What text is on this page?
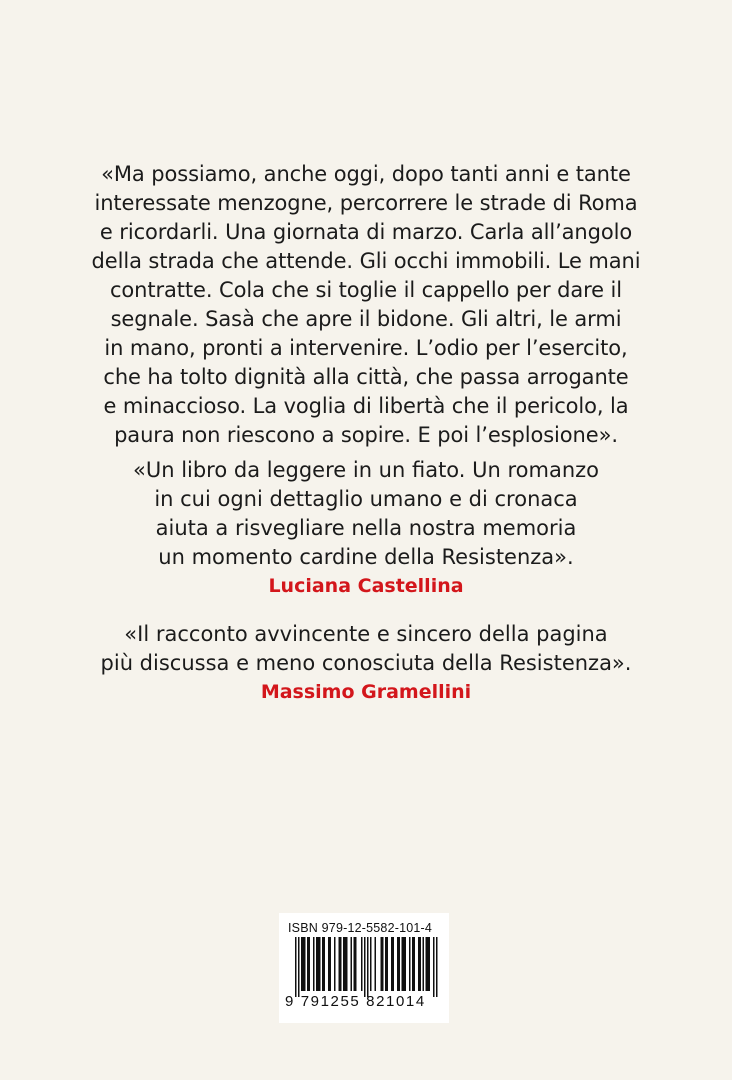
«Ma possiamo, anche oggi, dopo tanti anni e tante
interessate menzogne, percorrere le strade di Roma
e ricordarli. Una giornata di marzo. Carla all’angolo
della strada che attende. Gli occhi immobili. Le mani
contratte. Cola che si toglie il cappello per dare il
segnale. Sasà che apre il bidone. Gli altri, le armi
in mano, pronti a intervenire. L’odio per l’esercito,
che ha tolto dignità alla città, che passa arrogante
e minaccioso. La voglia di libertà che il pericolo, la
paura non riescono a sopire. E poi l’esplosione».
«Un libro da leggere in un fiato. Un romanzo
in cui ogni dettaglio umano e di cronaca
aiuta a risvegliare nella nostra memoria
un momento cardine della Resistenza».
Luciana Castellina
«Il racconto avvincente e sincero della pagina
più discussa e meno conosciuta della Resistenza».
Massimo Gramellini
ISBN 979-12-5582-101-4
9 791255 821014
